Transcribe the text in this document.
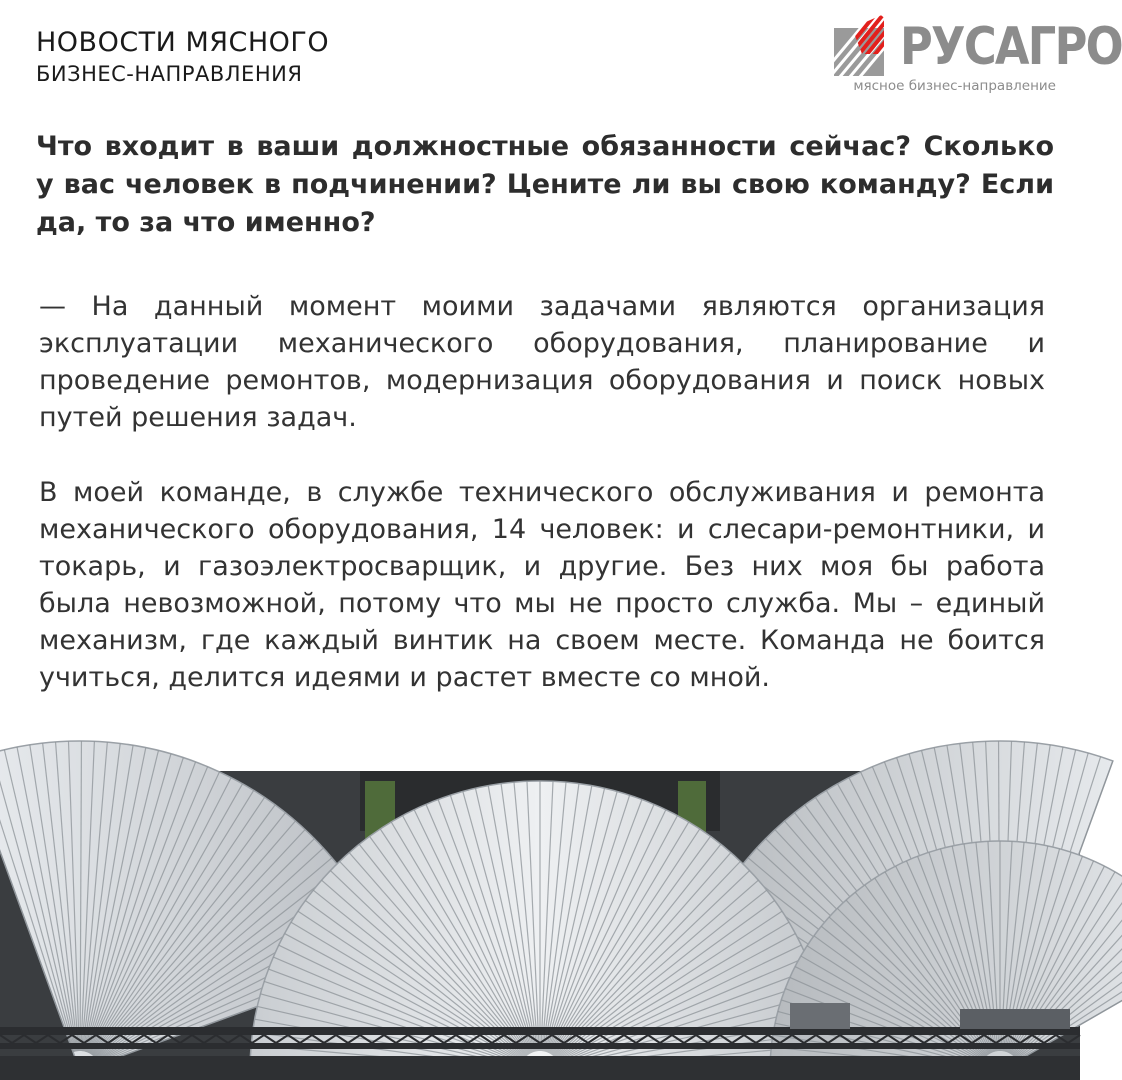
НОВОСТИ МЯСНОГО
БИЗНЕС-НАПРАВЛЕНИЯ	РУСАГРО
мясное бизнес-направление

Что входит в ваши должностные обязанности сейчас? Сколько у вас человек в подчинении? Цените ли вы свою команду? Если да, то за что именно?

— На данный момент моими задачами являются организация эксплуатации механического оборудования, планирование и проведение ремонтов, модернизация оборудования и поиск новых путей решения задач.

В моей команде, в службе технического обслуживания и ремонта механического оборудования, 14 человек: и слесари-ремонтники, и токарь, и газоэлектросварщик, и другие. Без них моя бы работа была невозможной, потому что мы не просто служба. Мы – единый механизм, где каждый винтик на своем месте. Команда не боится учиться, делится идеями и растет вместе со мной.
